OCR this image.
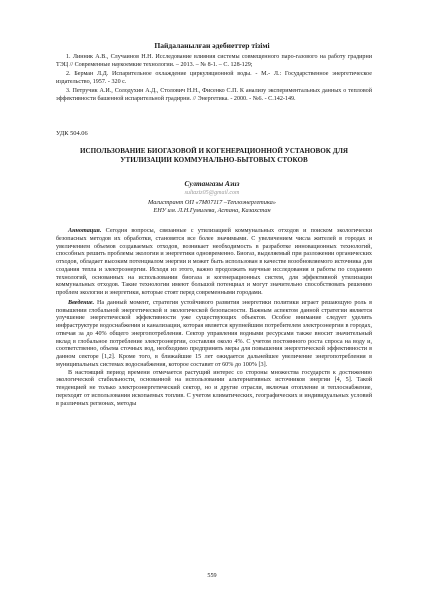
Пайдаланылған әдебиеттер тізімі

1. Линник А.В., Случаинов Н.Н. Исследование влияния системы совмещенного паро-газового на работу градирни ТЭЦ // Современные наукоемкие технологии. – 2013. – № 8-1. – С. 128-129;

2. Берман Л.Д. Испарительное охлаждение циркуляционной воды. - М.- Л.: Государственное энергетическое издательство, 1957. - 320 с.

3. Петручик А.И., Солодухин А.Д., Столович Н.Н., Фисенко С.П. К анализу экспериментальных данных о тепловой эффективности башенной испарительной градирни. // Энергетика. - 2000. - №6. - С.142-149.

УДК 504.06
ИСПОЛЬЗОВАНИЕ БИОГАЗОВОЙ И КОГЕНЕРАЦИОННОЙ УСТАНОВОК ДЛЯ УТИЛИЗАЦИИ КОММУНАЛЬНО-БЫТОВЫХ СТОКОВ
Султангазы Азиз
sultaziz05@gmail.com
Магистрант ОП «7М07117 –Теплоэнергетика»
ЕНУ им. Л.Н.Гумилева, Астана, Казахстан

Аннотация. Сегодня вопросы, связанные с утилизацией коммунальных отходов и поиском экологически безопасных методов их обработки, становятся все более значимыми. С увеличением числа жителей в городах и увеличением объемов создаваемых отходов, возникает необходимость в разработке инновационных технологий, способных решить проблемы экологии и энергетики одновременно. Биогаз, выделяемый при разложении органических отходов, обладает высоким потенциалом энергии и может быть использован в качестве возобновляемого источника для создания тепла и электроэнергии. Исходя из этого, важно продолжать научные исследования и работы по созданию технологий, основанных на использовании биогаза и когенерационных систем, для эффективной утилизации коммунальных отходов. Такие технологии имеют большой потенциал и могут значительно способствовать решению проблем экологии и энергетики, которые стоят перед современными городами.

Введение. На данный момент, стратегия устойчивого развития энергетики политики играет решающую роль в повышении глобальной энергетической и экологической безопасности. Важным аспектом данной стратегии является улучшение энергетической эффективности уже существующих объектов. Особое внимание следует уделить инфраструктуре водоснабжения и канализации, которая является крупнейшим потребителем электроэнергии в городах, отвечая за до 40% общего энергопотребления. Сектор управления водными ресурсами также вносит значительный вклад в глобальное потребление электроэнергии, составляя около 4%. С учетом постоянного роста спроса на воду и, соответственно, объема сточных вод, необходимо предпринять меры для повышения энергетической эффективности в данном секторе [1,2]. Кроме того, в ближайшие 15 лет ожидается дальнейшее увеличение энергопотребления в муниципальных системах водоснабжения, которое составит от 60% до 100% [3].

В настоящий период времени отмечается растущий интерес со стороны множества государств к достижению экологической стабильности, основанной на использовании альтернативных источников энергии [4, 5]. Такой тенденцией не только электроэнергетический сектор, но и другие отрасли, включая отопление и теплоснабжение, переходят от использования ископаемых топлив. С учетом климатических, географических и индивидуальных условий в различных регионах, методы

559
